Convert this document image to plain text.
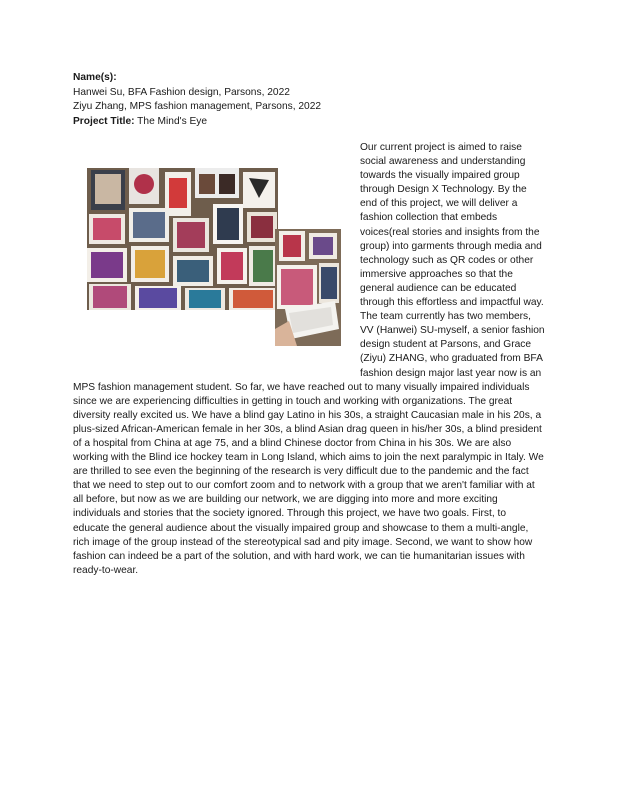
Name(s):

Hanwei Su, BFA Fashion design, Parsons, 2022

Ziyu Zhang, MPS fashion management, Parsons, 2022

Project Title: The Mind's Eye

Our current project is aimed to raise social awareness and understanding towards the visually impaired group through Design X Technology. By the end of this project, we will deliver a fashion collection that embeds voices(real stories and insights from the group) into garments through media and technology such as QR codes or other immersive approaches so that the general audience can be educated through this effortless and impactful way. The team currently has two members, VV (Hanwei) SU-myself, a senior fashion design student at Parsons, and Grace (Ziyu) ZHANG, who graduated from BFA fashion design major last year now is an MPS fashion management student. So far, we have reached out to many visually impaired individuals since we are experiencing difficulties in getting in touch and working with organizations. The great diversity really excited us. We have a blind gay Latino in his 30s, a straight Caucasian male in his 20s, a plus-sized African-American female in her 30s, a blind Asian drag queen in his/her 30s, a blind president of a hospital from China at age 75, and a blind Chinese doctor from China in his 30s. We are also working with the Blind ice hockey team in Long Island, which aims to join the next paralympic in Italy. We are thrilled to see even the beginning of the research is very difficult due to the pandemic and the fact that we need to step out to our comfort zoom and to network with a group that we aren't familiar with at all before, but now as we are building our network, we are digging into more and more exciting individuals and stories that the society ignored. Through this project, we have two goals. First, to educate the general audience about the visually impaired group and showcase to them a multi-angle, rich image of the group instead of the stereotypical sad and pity image. Second, we want to show how fashion can indeed be a part of the solution, and with hard work, we can tie humanitarian issues with ready-to-wear.
